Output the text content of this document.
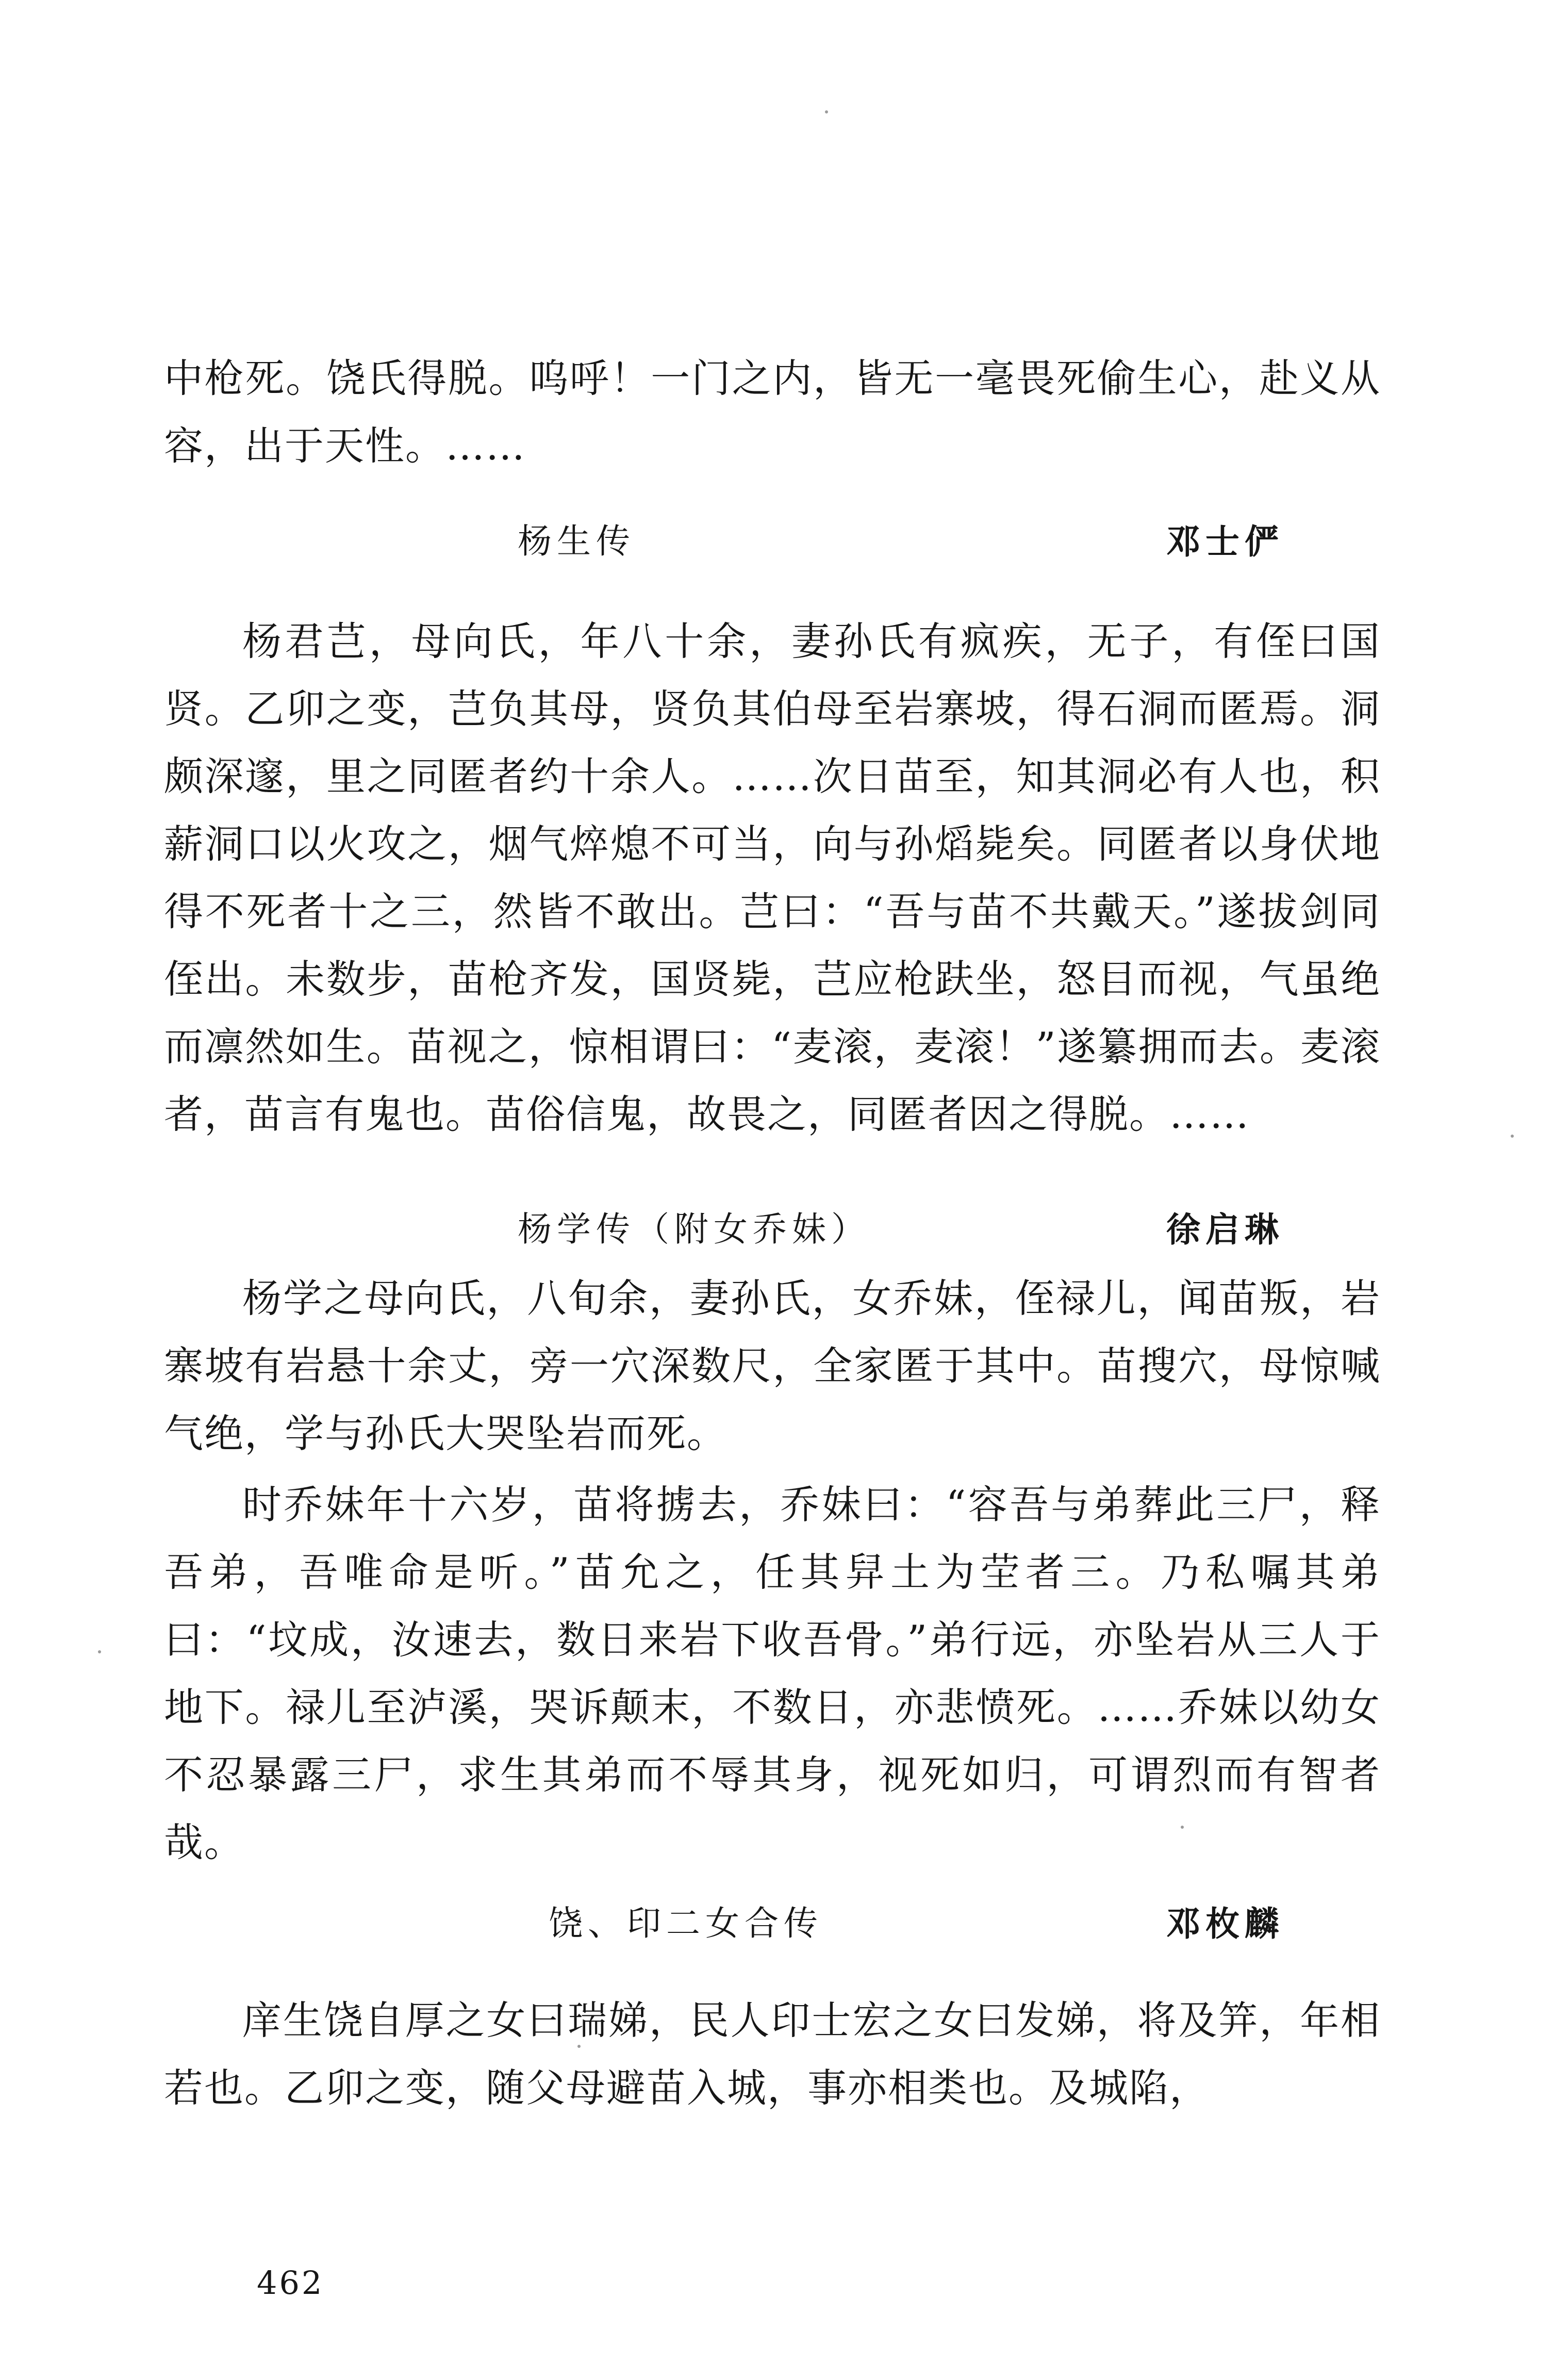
中枪死。饶氏得脱。呜呼！一门之内，皆无一毫畏死偷生心，赴义从容，出于天性。……

杨生传	邓士俨

杨君芑，母向氏，年八十余，妻孙氏有疯疾，无子，有侄曰国贤。乙卯之变，芑负其母，贤负其伯母至岩寨坡，得石洞而匿焉。洞颇深邃，里之同匿者约十余人。……次日苗至，知其洞必有人也，积薪洞口以火攻之，烟气焠熄不可当，向与孙熖毙矣。同匿者以身伏地得不死者十之三，然皆不敢出。芑曰：“吾与苗不共戴天。”遂拔剑同侄出。未数步，苗枪齐发，国贤毙，芑应枪趺坐，怒目而视，气虽绝而凛然如生。苗视之，惊相谓曰：“麦滚，麦滚！”遂纂拥而去。麦滚者，苗言有鬼也。苗俗信鬼，故畏之，同匿者因之得脱。……

杨学传（附女乔妹）	徐启琳

杨学之母向氏，八旬余，妻孙氏，女乔妹，侄禄儿，闻苗叛，岩寨坡有岩悬十余丈，旁一穴深数尺，全家匿于其中。苗搜穴，母惊喊气绝，学与孙氏大哭坠岩而死。

时乔妹年十六岁，苗将掳去，乔妹曰：“容吾与弟葬此三尸，释吾弟，吾唯命是听。”苗允之，任其舁土为茔者三。乃私嘱其弟曰：“坟成，汝速去，数日来岩下收吾骨。”弟行远，亦坠岩从三人于地下。禄儿至泸溪，哭诉颠末，不数日，亦悲愤死。……乔妹以幼女不忍暴露三尸，求生其弟而不辱其身，视死如归，可谓烈而有智者哉。

饶、印二女合传	邓枚麟

庠生饶自厚之女曰瑞娣，民人印士宏之女曰发娣，将及笄，年相若也。乙卯之变，随父母避苗入城，事亦相类也。及城陷，

462
